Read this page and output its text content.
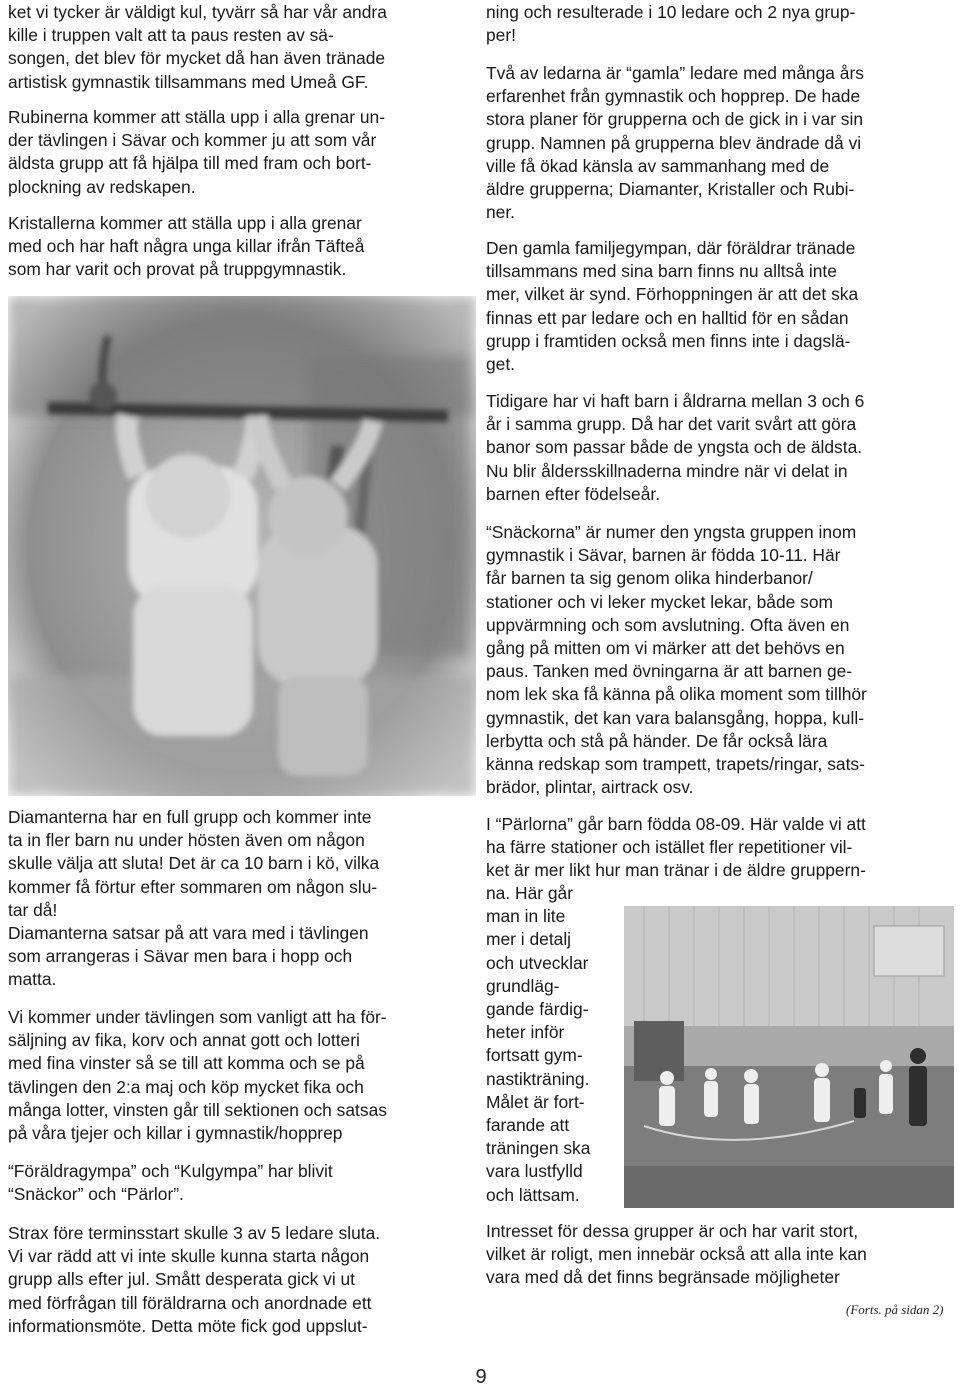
ket vi tycker är väldigt kul, tyvärr så har vår andra
kille i truppen valt att ta paus resten av sä-
songen, det blev för mycket då han även tränade
artistisk gymnastik tillsammans med Umeå GF.

Rubinerna kommer att ställa upp i alla grenar un-
der tävlingen i Sävar och kommer ju att som vår
äldsta grupp att få hjälpa till med fram och bort-
plockning av redskapen.

Kristallerna kommer att ställa upp i alla grenar
med och har haft några unga killar ifrån Täfteå
som har varit och provat på truppgymnastik.

Diamanterna har en full grupp och kommer inte
ta in fler barn nu under hösten även om någon
skulle välja att sluta! Det är ca 10 barn i kö, vilka
kommer få förtur efter sommaren om någon slu-
tar då!
Diamanterna satsar på att vara med i tävlingen
som arrangeras i Sävar men bara i hopp och
matta.

Vi kommer under tävlingen som vanligt att ha för-
säljning av fika, korv och annat gott och lotteri
med fina vinster så se till att komma och se på
tävlingen den 2:a maj och köp mycket fika och
många lotter, vinsten går till sektionen och satsas
på våra tjejer och killar i gymnastik/hopprep

“Föräldragympa” och “Kulgympa” har blivit
“Snäckor” och “Pärlor”.

Strax före terminsstart skulle 3 av 5 ledare sluta.
Vi var rädd att vi inte skulle kunna starta någon
grupp alls efter jul. Smått desperata gick vi ut
med förfrågan till föräldrarna och anordnade ett
informationsmöte. Detta möte fick god uppslut-

ning och resulterade i 10 ledare och 2 nya grup-
per!

Två av ledarna är “gamla” ledare med många års
erfarenhet från gymnastik och hopprep. De hade
stora planer för grupperna och de gick in i var sin
grupp. Namnen på grupperna blev ändrade då vi
ville få ökad känsla av sammanhang med de
äldre grupperna; Diamanter, Kristaller och Rubi-
ner.

Den gamla familjegympan, där föräldrar tränade
tillsammans med sina barn finns nu alltså inte
mer, vilket är synd. Förhoppningen är att det ska
finnas ett par ledare och en halltid för en sådan
grupp i framtiden också men finns inte i dagslä-
get.

Tidigare har vi haft barn i åldrarna mellan 3 och 6
år i samma grupp. Då har det varit svårt att göra
banor som passar både de yngsta och de äldsta.
Nu blir åldersskillnaderna mindre när vi delat in
barnen efter födelseår.

“Snäckorna” är numer den yngsta gruppen inom
gymnastik i Sävar, barnen är födda 10-11. Här
får barnen ta sig genom olika hinderbanor/
stationer och vi leker mycket lekar, både som
uppvärmning och som avslutning. Ofta även en
gång på mitten om vi märker att det behövs en
paus. Tanken med övningarna är att barnen ge-
nom lek ska få känna på olika moment som tillhör
gymnastik, det kan vara balansgång, hoppa, kull-
lerbytta och stå på händer. De får också lära
känna redskap som trampett, trapets/ringar, sats-
brädor, plintar, airtrack osv.

I “Pärlorna” går barn födda 08-09. Här valde vi att
ha färre stationer och istället fler repetitioner vil-
ket är mer likt hur man tränar i de äldre gruppern-

na. Här går
man in lite
mer i detalj
och utvecklar
grundläg-
gande färdig-
heter inför
fortsatt gym-
nastikträning.
Målet är fort-
farande att
träningen ska
vara lustfylld
och lättsam.

Intresset för dessa grupper är och har varit stort,
vilket är roligt, men innebär också att alla inte kan
vara med då det finns begränsade möjligheter

(Forts. på sidan 2)
9
